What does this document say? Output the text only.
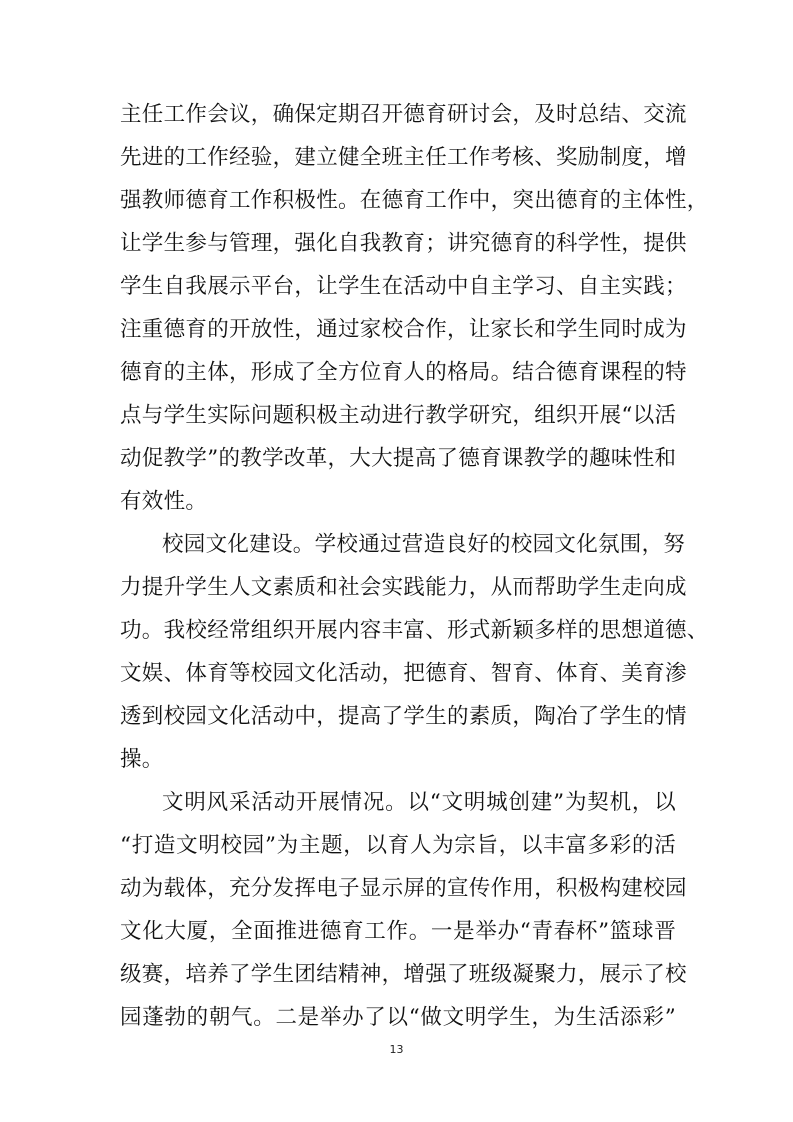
主任工作会议，确保定期召开德育研讨会，及时总结、交流
先进的工作经验，建立健全班主任工作考核、奖励制度，增
强教师德育工作积极性。在德育工作中，突出德育的主体性，
让学生参与管理，强化自我教育；讲究德育的科学性，提供
学生自我展示平台，让学生在活动中自主学习、自主实践；
注重德育的开放性，通过家校合作，让家长和学生同时成为
德育的主体，形成了全方位育人的格局。结合德育课程的特
点与学生实际问题积极主动进行教学研究，组织开展“以活
动促教学”的教学改革，大大提高了德育课教学的趣味性和
有效性。
校园文化建设。学校通过营造良好的校园文化氛围，努
力提升学生人文素质和社会实践能力，从而帮助学生走向成
功。我校经常组织开展内容丰富、形式新颖多样的思想道德、
文娱、体育等校园文化活动，把德育、智育、体育、美育渗
透到校园文化活动中，提高了学生的素质，陶冶了学生的情
操。
文明风采活动开展情况。以“文明城创建”为契机，以
“打造文明校园”为主题，以育人为宗旨，以丰富多彩的活
动为载体，充分发挥电子显示屏的宣传作用，积极构建校园
文化大厦，全面推进德育工作。一是举办“青春杯”篮球晋
级赛，培养了学生团结精神，增强了班级凝聚力，展示了校
13
园蓬勃的朝气。二是举办了以“做文明学生，为生活添彩”
